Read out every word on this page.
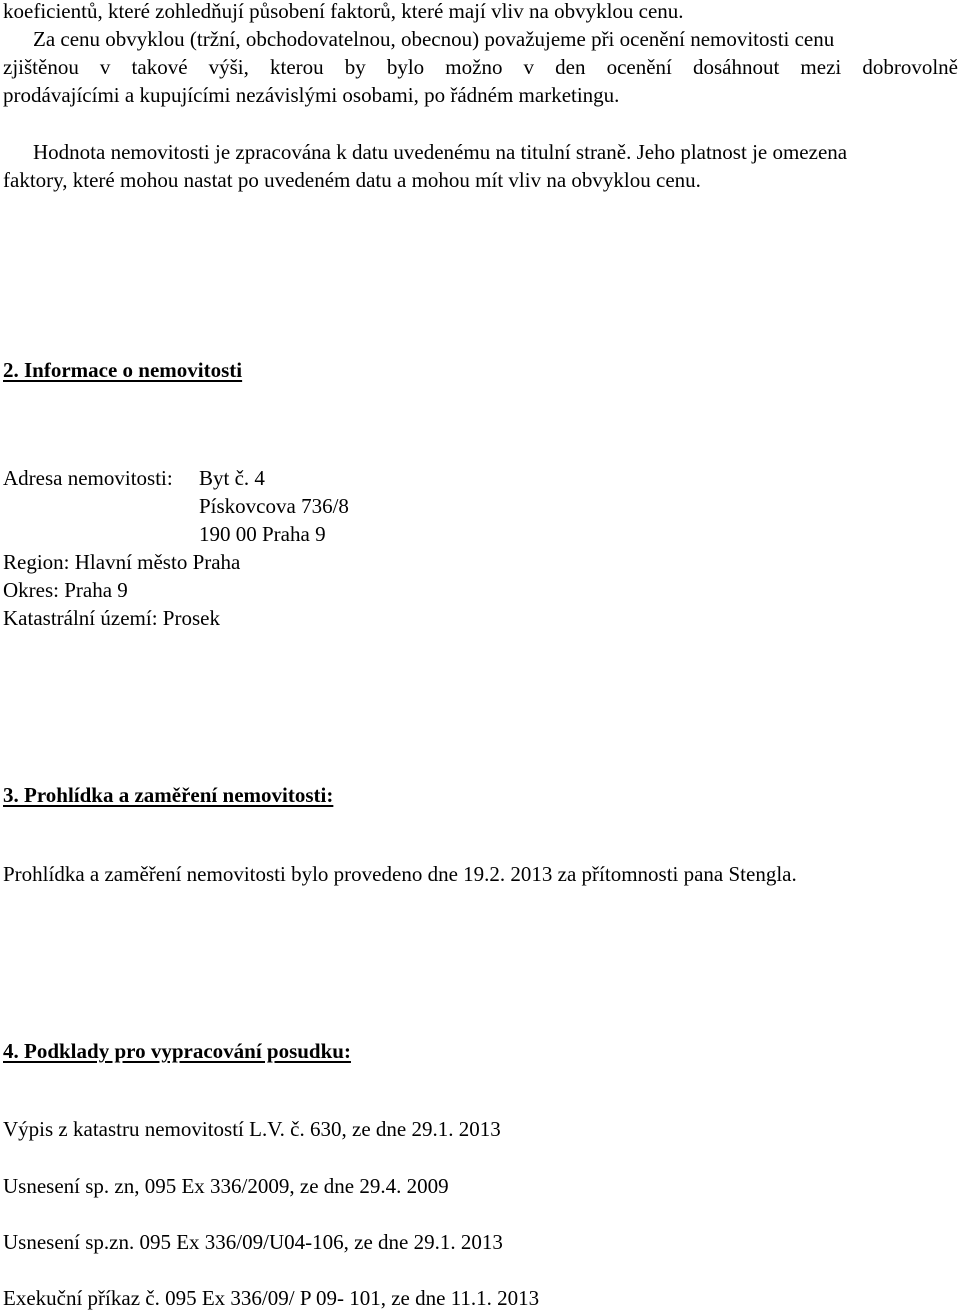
koeficientů, které zohledňují působení faktorů, které mají vliv na obvyklou cenu.
Za cenu obvyklou (tržní, obchodovatelnou, obecnou) považujeme při ocenění nemovitosti cenu
zjištěnou v takové výši, kterou by bylo možno v den ocenění dosáhnout mezi dobrovolně
prodávajícími a kupujícími nezávislými osobami, po řádném marketingu.
Hodnota nemovitosti je zpracována k datu uvedenému na titulní straně. Jeho platnost je omezena
faktory, které mohou nastat po uvedeném datu a mohou mít vliv na obvyklou cenu.
2. Informace o nemovitosti
Adresa nemovitosti: Byt č. 4
Pískovcova 736/8
190 00 Praha 9
Region: Hlavní město Praha
Okres: Praha 9
Katastrální území: Prosek
3. Prohlídka a zaměření nemovitosti:
Prohlídka a zaměření nemovitosti bylo provedeno dne 19.2. 2013 za přítomnosti pana Stengla.
4. Podklady pro vypracování posudku:
Výpis z katastru nemovitostí L.V. č. 630, ze dne 29.1. 2013
Usnesení sp. zn, 095 Ex 336/2009, ze dne 29.4. 2009
Usnesení sp.zn. 095 Ex 336/09/U04-106, ze dne 29.1. 2013
Exekuční příkaz č. 095 Ex 336/09/ P 09- 101, ze dne 11.1. 2013
